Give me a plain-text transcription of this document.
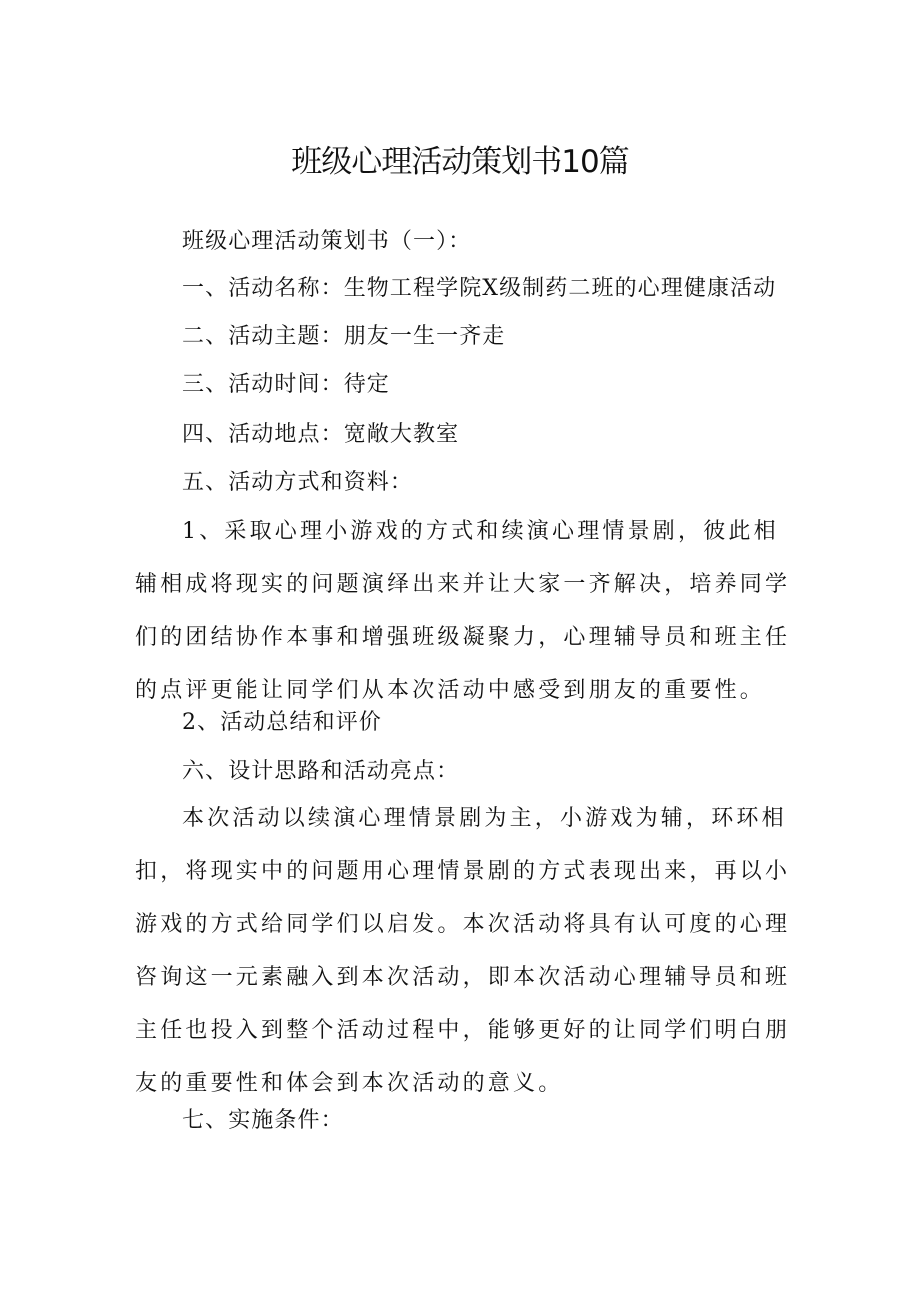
班级心理活动策划书10篇
班级心理活动策划书（一）：
一、活动名称：生物工程学院X级制药二班的心理健康活动
二、活动主题：朋友一生一齐走
三、活动时间：待定
四、活动地点：宽敞大教室
五、活动方式和资料：
1、采取心理小游戏的方式和续演心理情景剧，彼此相辅相成将现实的问题演绎出来并让大家一齐解决，培养同学们的团结协作本事和增强班级凝聚力，心理辅导员和班主任的点评更能让同学们从本次活动中感受到朋友的重要性。
2、活动总结和评价
六、设计思路和活动亮点：
本次活动以续演心理情景剧为主，小游戏为辅，环环相扣，将现实中的问题用心理情景剧的方式表现出来，再以小游戏的方式给同学们以启发。本次活动将具有认可度的心理咨询这一元素融入到本次活动，即本次活动心理辅导员和班主任也投入到整个活动过程中，能够更好的让同学们明白朋友的重要性和体会到本次活动的意义。
七、实施条件：
